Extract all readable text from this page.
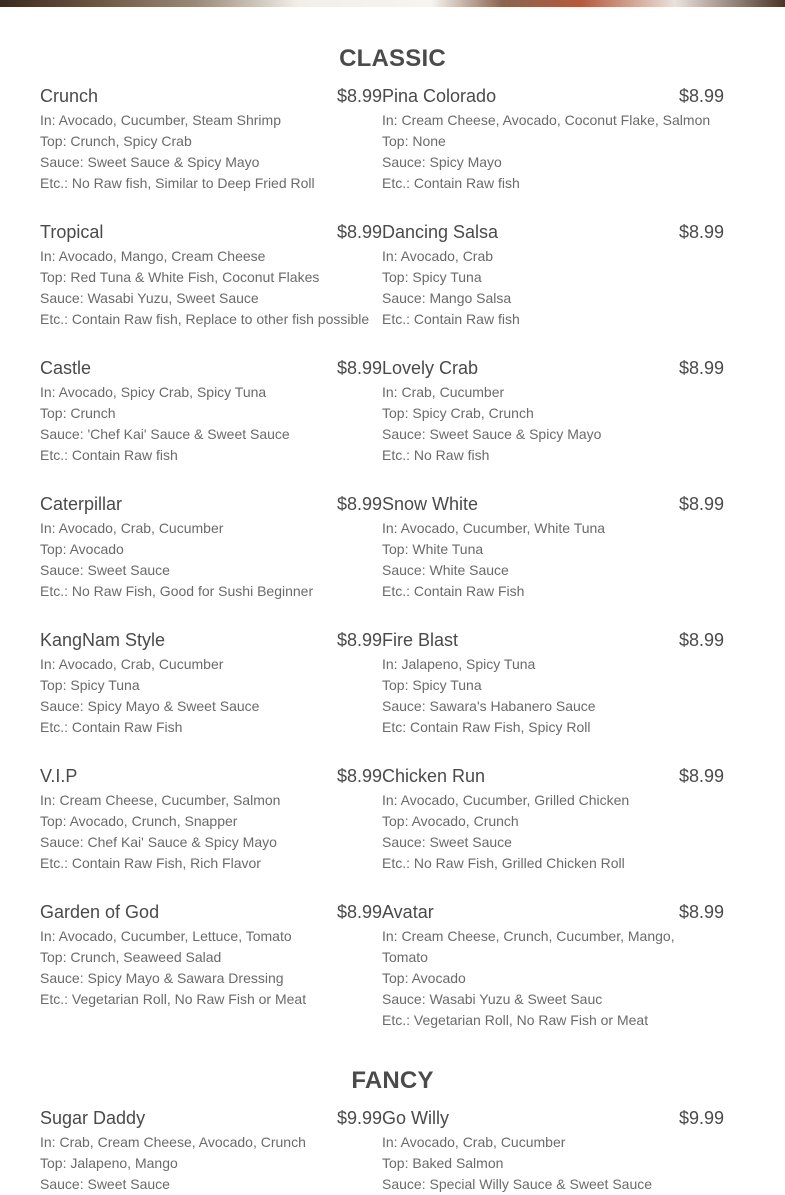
CLASSIC
Crunch	$8.99

In: Avocado, Cucumber, Steam Shrimp

Top: Crunch, Spicy Crab

Sauce: Sweet Sauce & Spicy Mayo

Etc.: No Raw fish, Similar to Deep Fried Roll

Pina Colorado	$8.99

In: Cream Cheese, Avocado, Coconut Flake, Salmon

Top: None

Sauce: Spicy Mayo

Etc.: Contain Raw fish

Tropical	$8.99

In: Avocado, Mango, Cream Cheese

Top: Red Tuna & White Fish, Coconut Flakes

Sauce: Wasabi Yuzu, Sweet Sauce

Etc.: Contain Raw fish, Replace to other fish possible

Dancing Salsa	$8.99

In: Avocado, Crab

Top: Spicy Tuna

Sauce: Mango Salsa

Etc.: Contain Raw fish

Castle	$8.99

In: Avocado, Spicy Crab, Spicy Tuna

Top: Crunch

Sauce: 'Chef Kai' Sauce & Sweet Sauce

Etc.: Contain Raw fish

Lovely Crab	$8.99

In: Crab, Cucumber

Top: Spicy Crab, Crunch

Sauce: Sweet Sauce & Spicy Mayo

Etc.: No Raw fish

Caterpillar	$8.99

In: Avocado, Crab, Cucumber

Top: Avocado

Sauce: Sweet Sauce

Etc.: No Raw Fish, Good for Sushi Beginner

Snow White	$8.99

In: Avocado, Cucumber, White Tuna

Top: White Tuna

Sauce: White Sauce

Etc.: Contain Raw Fish

KangNam Style	$8.99

In: Avocado, Crab, Cucumber

Top: Spicy Tuna

Sauce: Spicy Mayo & Sweet Sauce

Etc.: Contain Raw Fish

Fire Blast	$8.99

In: Jalapeno, Spicy Tuna

Top: Spicy Tuna

Sauce: Sawara's Habanero Sauce

Etc: Contain Raw Fish, Spicy Roll

V.I.P	$8.99

In: Cream Cheese, Cucumber, Salmon

Top: Avocado, Crunch, Snapper

Sauce: Chef Kai' Sauce & Spicy Mayo

Etc.: Contain Raw Fish, Rich Flavor

Chicken Run	$8.99

In: Avocado, Cucumber, Grilled Chicken

Top: Avocado, Crunch

Sauce: Sweet Sauce

Etc.: No Raw Fish, Grilled Chicken Roll

Garden of God	$8.99

In: Avocado, Cucumber, Lettuce, Tomato

Top: Crunch, Seaweed Salad

Sauce: Spicy Mayo & Sawara Dressing

Etc.: Vegetarian Roll, No Raw Fish or Meat

Avatar	$8.99

In: Cream Cheese, Crunch, Cucumber, Mango,

Tomato

Top: Avocado

Sauce: Wasabi Yuzu & Sweet Sauc

Etc.: Vegetarian Roll, No Raw Fish or Meat

FANCY
Sugar Daddy	$9.99

In: Crab, Cream Cheese, Avocado, Crunch

Top: Jalapeno, Mango

Sauce: Sweet Sauce

Go Willy	$9.99

In: Avocado, Crab, Cucumber

Top: Baked Salmon

Sauce: Special Willy Sauce & Sweet Sauce
